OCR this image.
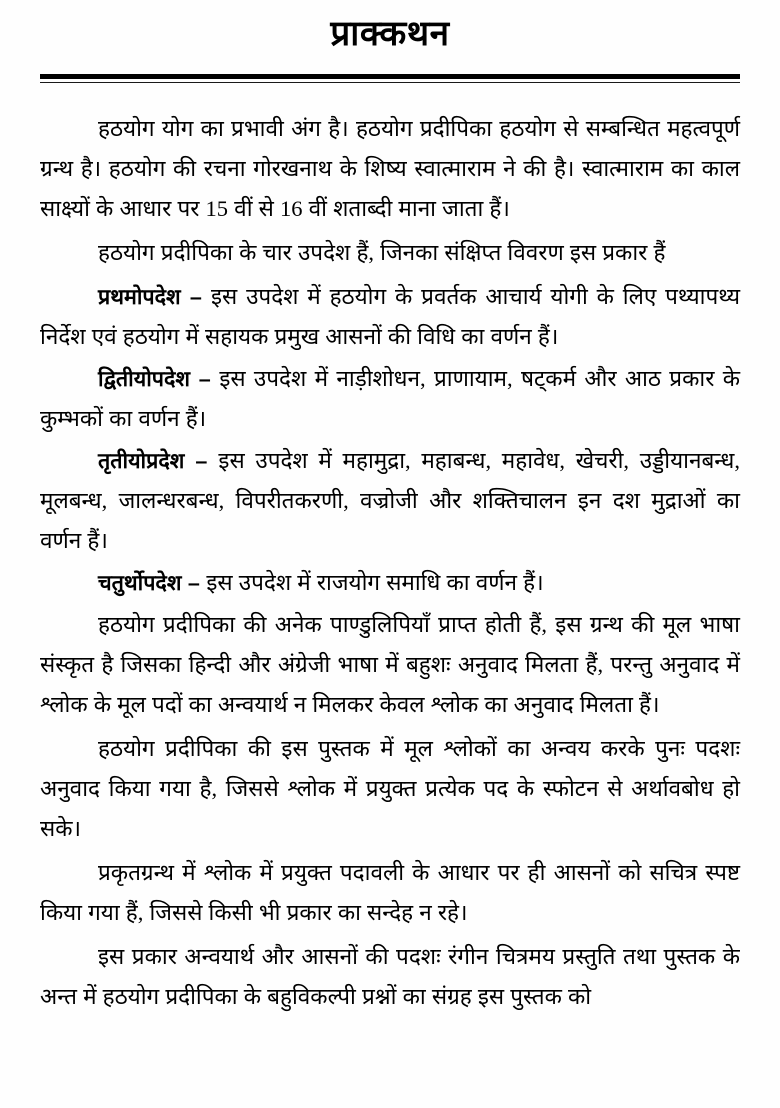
प्राक्कथन

हठयोग योग का प्रभावी अंग है। हठयोग प्रदीपिका हठयोग से सम्बन्धित महत्वपूर्ण ग्रन्थ है। हठयोग की रचना गोरखनाथ के शिष्य स्वात्माराम ने की है। स्वात्माराम का काल साक्ष्यों के आधार पर 15 वीं से 16 वीं शताब्दी माना जाता हैं।

हठयोग प्रदीपिका के चार उपदेश हैं, जिनका संक्षिप्त विवरण इस प्रकार हैं

प्रथमोपदेश – इस उपदेश में हठयोग के प्रवर्तक आचार्य योगी के लिए पथ्यापथ्य निर्देश एवं हठयोग में सहायक प्रमुख आसनों की विधि का वर्णन हैं।

द्वितीयोपदेश – इस उपदेश में नाड़ीशोधन, प्राणायाम, षट्कर्म और आठ प्रकार के कुम्भकों का वर्णन हैं।

तृतीयोप्रदेश – इस उपदेश में महामुद्रा, महाबन्ध, महावेध, खेचरी, उड्डीयानबन्ध, मूलबन्ध, जालन्धरबन्ध, विपरीतकरणी, वज्रोजी और शक्तिचालन इन दश मुद्राओं का वर्णन हैं।

चतुर्थोपदेश – इस उपदेश में राजयोग समाधि का वर्णन हैं।

हठयोग प्रदीपिका की अनेक पाण्डुलिपियाँ प्राप्त होती हैं, इस ग्रन्थ की मूल भाषा संस्कृत है जिसका हिन्दी और अंग्रेजी भाषा में बहुशः अनुवाद मिलता हैं, परन्तु अनुवाद में श्लोक के मूल पदों का अन्वयार्थ न मिलकर केवल श्लोक का अनुवाद मिलता हैं।

हठयोग प्रदीपिका की इस पुस्तक में मूल श्लोकों का अन्वय करके पुनः पदशः अनुवाद किया गया है, जिससे श्लोक में प्रयुक्त प्रत्येक पद के स्फोटन से अर्थावबोध हो सके।

प्रकृतग्रन्थ में श्लोक में प्रयुक्त पदावली के आधार पर ही आसनों को सचित्र स्पष्ट किया गया हैं, जिससे किसी भी प्रकार का सन्देह न रहे।

इस प्रकार अन्वयार्थ और आसनों की पदशः रंगीन चित्रमय प्रस्तुति तथा पुस्तक के अन्त में हठयोग प्रदीपिका के बहुविकल्पी प्रश्नों का संग्रह इस पुस्तक को
